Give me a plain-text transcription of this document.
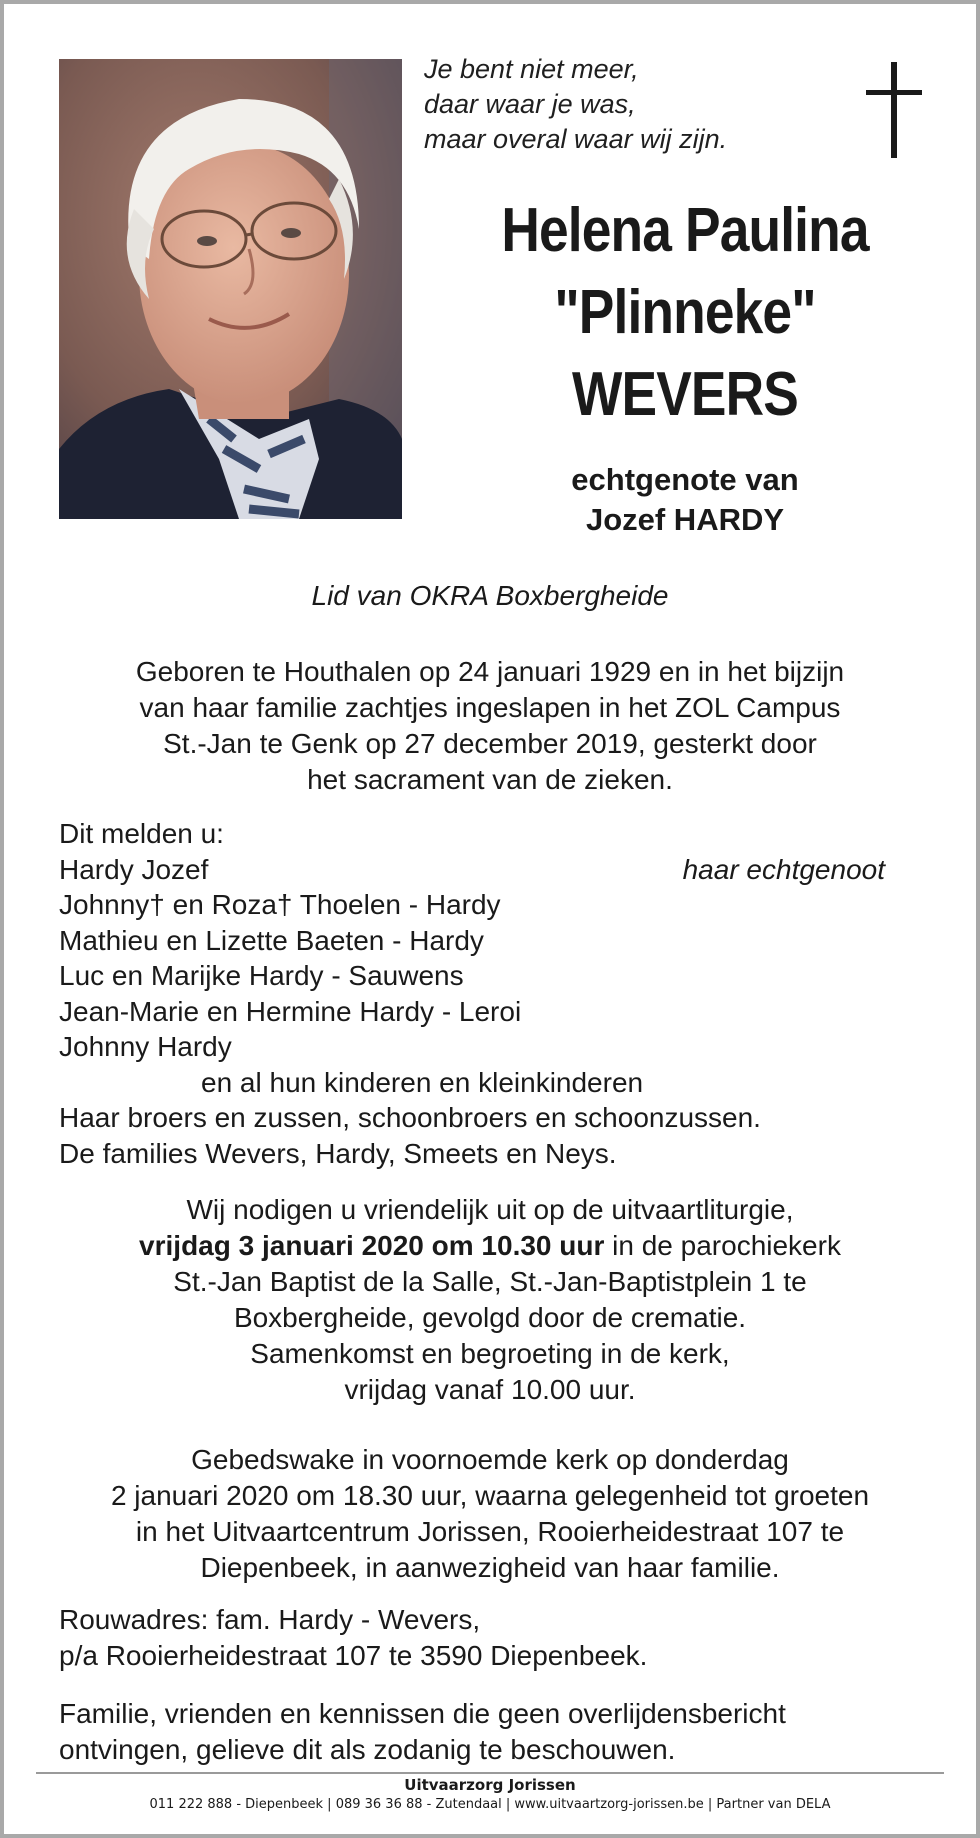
Je bent niet meer,
daar waar je was,
maar overal waar wij zijn.
Helena Paulina
"Plinneke"
WEVERS
echtgenote van
Jozef HARDY
Lid van OKRA Boxbergheide
Geboren te Houthalen op 24 januari 1929 en in het bijzijn
van haar familie zachtjes ingeslapen in het ZOL Campus
St.-Jan te Genk op 27 december 2019, gesterkt door
het sacrament van de zieken.
Dit melden u:
Hardy Jozef	haar echtgenoot
Johnny† en Roza† Thoelen - Hardy
Mathieu en Lizette Baeten - Hardy
Luc en Marijke Hardy - Sauwens
Jean-Marie en Hermine Hardy - Leroi
Johnny Hardy
en al hun kinderen en kleinkinderen
Haar broers en zussen, schoonbroers en schoonzussen.
De families Wevers, Hardy, Smeets en Neys.
Wij nodigen u vriendelijk uit op de uitvaartliturgie,
vrijdag 3 januari 2020 om 10.30 uur in de parochiekerk
St.-Jan Baptist de la Salle, St.-Jan-Baptistplein 1 te
Boxbergheide, gevolgd door de crematie.
Samenkomst en begroeting in de kerk,
vrijdag vanaf 10.00 uur.
Gebedswake in voornoemde kerk op donderdag
2 januari 2020 om 18.30 uur, waarna gelegenheid tot groeten
in het Uitvaartcentrum Jorissen, Rooierheidestraat 107 te
Diepenbeek, in aanwezigheid van haar familie.
Rouwadres: fam. Hardy - Wevers,
p/a Rooierheidestraat 107 te 3590 Diepenbeek.
Familie, vrienden en kennissen die geen overlijdensbericht
ontvingen, gelieve dit als zodanig te beschouwen.
Uitvaarzorg Jorissen
011 222 888 - Diepenbeek | 089 36 36 88 - Zutendaal | www.uitvaartzorg-jorissen.be | Partner van DELA
